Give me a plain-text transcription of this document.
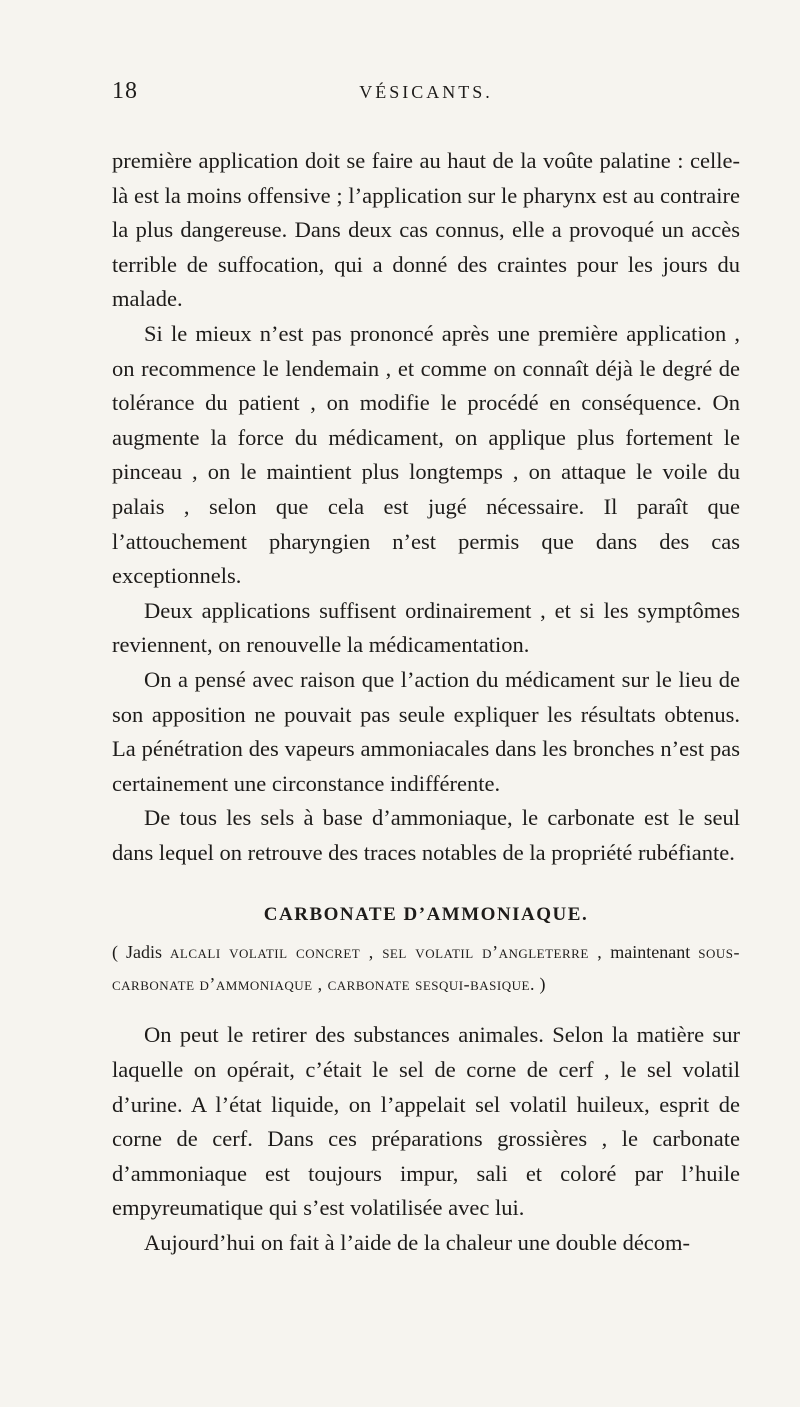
18	VÉSICANTS.

première application doit se faire au haut de la voûte palatine : celle-là est la moins offensive ; l’application sur le pharynx est au contraire la plus dangereuse. Dans deux cas connus, elle a provoqué un accès terrible de suffocation, qui a donné des craintes pour les jours du malade.

Si le mieux n’est pas prononcé après une première application , on recommence le lendemain , et comme on connaît déjà le degré de tolérance du patient , on modifie le procédé en conséquence. On augmente la force du médicament, on applique plus fortement le pinceau , on le maintient plus longtemps , on attaque le voile du palais , selon que cela est jugé nécessaire. Il paraît que l’attouchement pharyngien n’est permis que dans des cas exceptionnels.

Deux applications suffisent ordinairement , et si les symptômes reviennent, on renouvelle la médicamentation.

On a pensé avec raison que l’action du médicament sur le lieu de son apposition ne pouvait pas seule expliquer les résultats obtenus. La pénétration des vapeurs ammoniacales dans les bronches n’est pas certainement une circonstance indifférente.

De tous les sels à base d’ammoniaque, le carbonate est le seul dans lequel on retrouve des traces notables de la propriété rubéfiante.

CARBONATE D’AMMONIAQUE.

( Jadis alcali volatil concret , sel volatil d’angleterre , maintenant sous-carbonate d’ammoniaque , carbonate sesqui-basique. )

On peut le retirer des substances animales. Selon la matière sur laquelle on opérait, c’était le sel de corne de cerf , le sel volatil d’urine. A l’état liquide, on l’appelait sel volatil huileux, esprit de corne de cerf. Dans ces préparations grossières , le carbonate d’ammoniaque est toujours impur, sali et coloré par l’huile empyreumatique qui s’est volatilisée avec lui.

Aujourd’hui on fait à l’aide de la chaleur une double décom-
